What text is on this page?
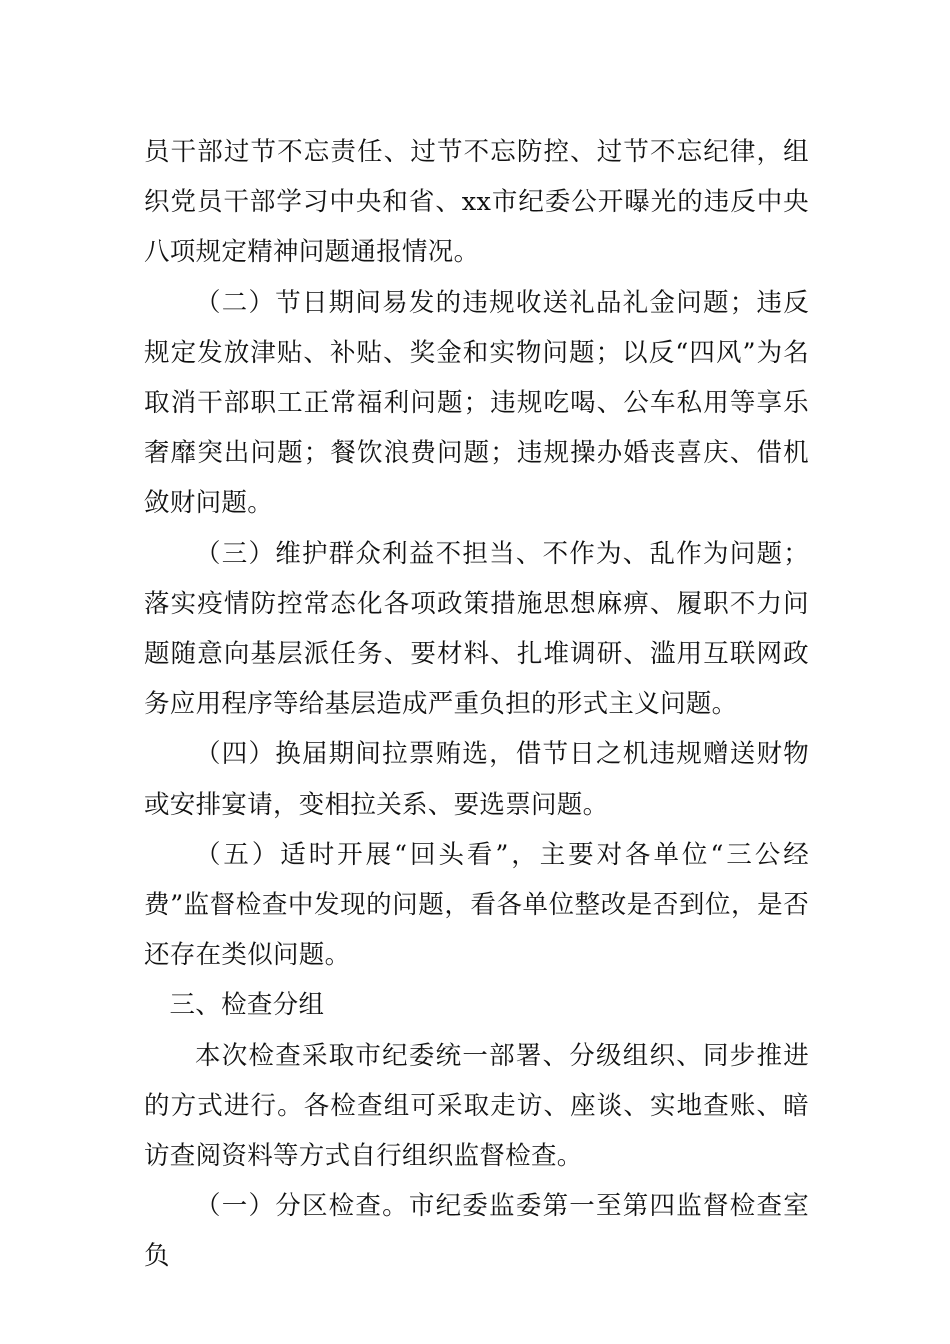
员干部过节不忘责任、过节不忘防控、过节不忘纪律，组织党员干部学习中央和省、xx市纪委公开曝光的违反中央八项规定精神问题通报情况。

（二）节日期间易发的违规收送礼品礼金问题；违反规定发放津贴、补贴、奖金和实物问题；以反“四风”为名取消干部职工正常福利问题；违规吃喝、公车私用等享乐奢靡突出问题；餐饮浪费问题；违规操办婚丧喜庆、借机敛财问题。

（三）维护群众利益不担当、不作为、乱作为问题；落实疫情防控常态化各项政策措施思想麻痹、履职不力问题随意向基层派任务、要材料、扎堆调研、滥用互联网政务应用程序等给基层造成严重负担的形式主义问题。

（四）换届期间拉票贿选，借节日之机违规赠送财物或安排宴请，变相拉关系、要选票问题。

（五）适时开展“回头看”，主要对各单位“三公经费”监督检查中发现的问题，看各单位整改是否到位，是否还存在类似问题。

三、检查分组

本次检查采取市纪委统一部署、分级组织、同步推进的方式进行。各检查组可采取走访、座谈、实地查账、暗访查阅资料等方式自行组织监督检查。

（一）分区检查。市纪委监委第一至第四监督检查室负
